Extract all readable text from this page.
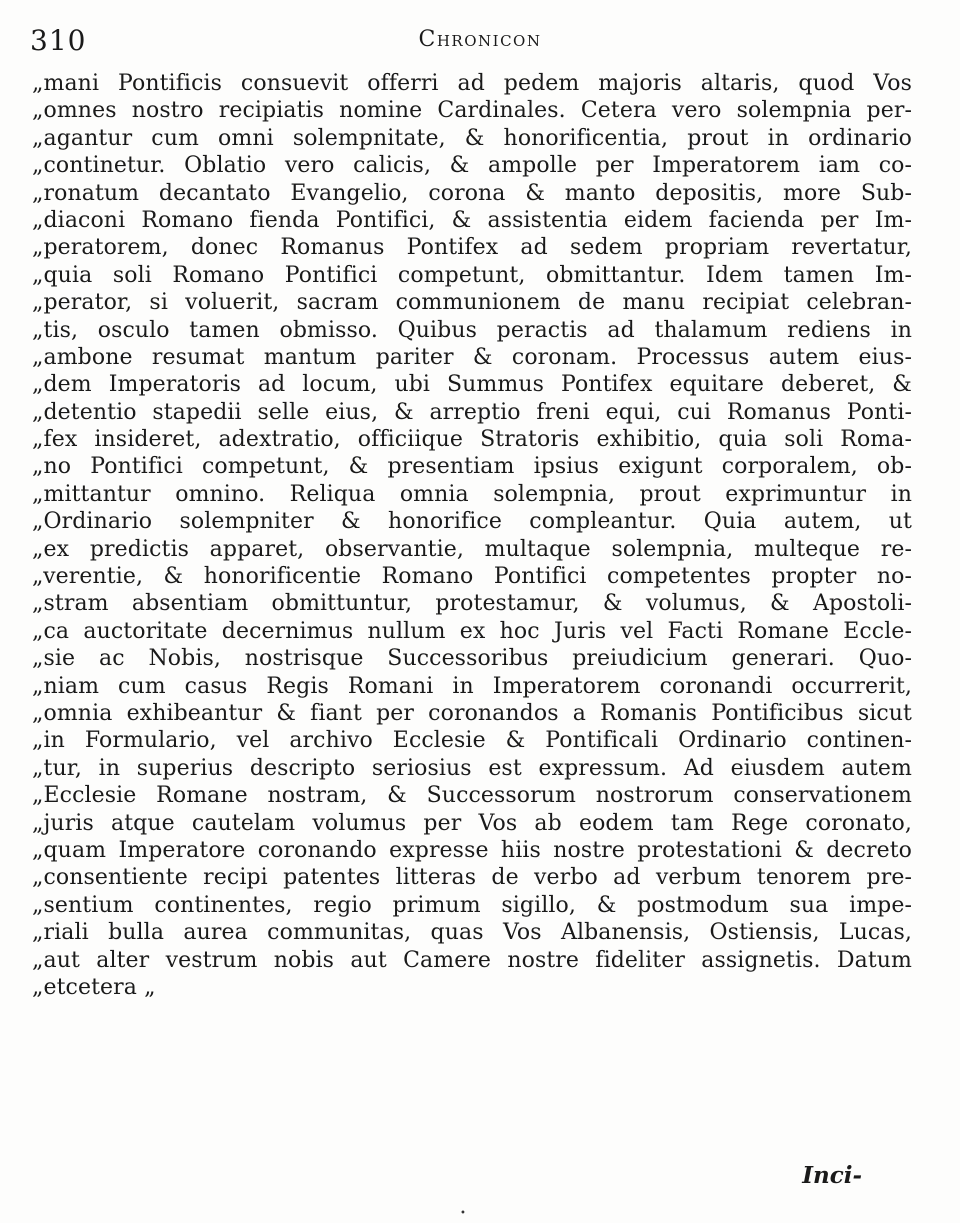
310	Chronicon
„mani Pontificis consuevit offerri ad pedem majoris altaris, quod Vos
„omnes nostro recipiatis nomine Cardinales. Cetera vero solempnia per-
„agantur cum omni solempnitate, & honorificentia, prout in ordinario
„continetur. Oblatio vero calicis, & ampolle per Imperatorem iam co-
„ronatum decantato Evangelio, corona & manto depositis, more Sub-
„diaconi Romano fienda Pontifici, & assistentia eidem facienda per Im-
„peratorem, donec Romanus Pontifex ad sedem propriam revertatur,
„quia soli Romano Pontifici competunt, obmittantur. Idem tamen Im-
„perator, si voluerit, sacram communionem de manu recipiat celebran-
„tis, osculo tamen obmisso. Quibus peractis ad thalamum rediens in
„ambone resumat mantum pariter & coronam. Processus autem eius-
„dem Imperatoris ad locum, ubi Summus Pontifex equitare deberet, &
„detentio stapedii selle eius, & arreptio freni equi, cui Romanus Ponti-
„fex insideret, adextratio, officiique Stratoris exhibitio, quia soli Roma-
„no Pontifici competunt, & presentiam ipsius exigunt corporalem, ob-
„mittantur omnino. Reliqua omnia solempnia, prout exprimuntur in
„Ordinario solempniter & honorifice compleantur. Quia autem, ut
„ex predictis apparet, observantie, multaque solempnia, multeque re-
„verentie, & honorificentie Romano Pontifici competentes propter no-
„stram absentiam obmittuntur, protestamur, & volumus, & Apostoli-
„ca auctoritate decernimus nullum ex hoc Juris vel Facti Romane Eccle-
„sie ac Nobis, nostrisque Successoribus preiudicium generari. Quo-
„niam cum casus Regis Romani in Imperatorem coronandi occurrerit,
„omnia exhibeantur & fiant per coronandos a Romanis Pontificibus sicut
„in Formulario, vel archivo Ecclesie & Pontificali Ordinario continen-
„tur, in superius descripto seriosius est expressum. Ad eiusdem autem
„Ecclesie Romane nostram, & Successorum nostrorum conservationem
„juris atque cautelam volumus per Vos ab eodem tam Rege coronato,
„quam Imperatore coronando expresse hiis nostre protestationi & decreto
„consentiente recipi patentes litteras de verbo ad verbum tenorem pre-
„sentium continentes, regio primum sigillo, & postmodum sua impe-
„riali bulla aurea communitas, quas Vos Albanensis, Ostiensis, Lucas,
„aut alter vestrum nobis aut Camere nostre fideliter assignetis. Datum
„etcetera „
Inci-
•
